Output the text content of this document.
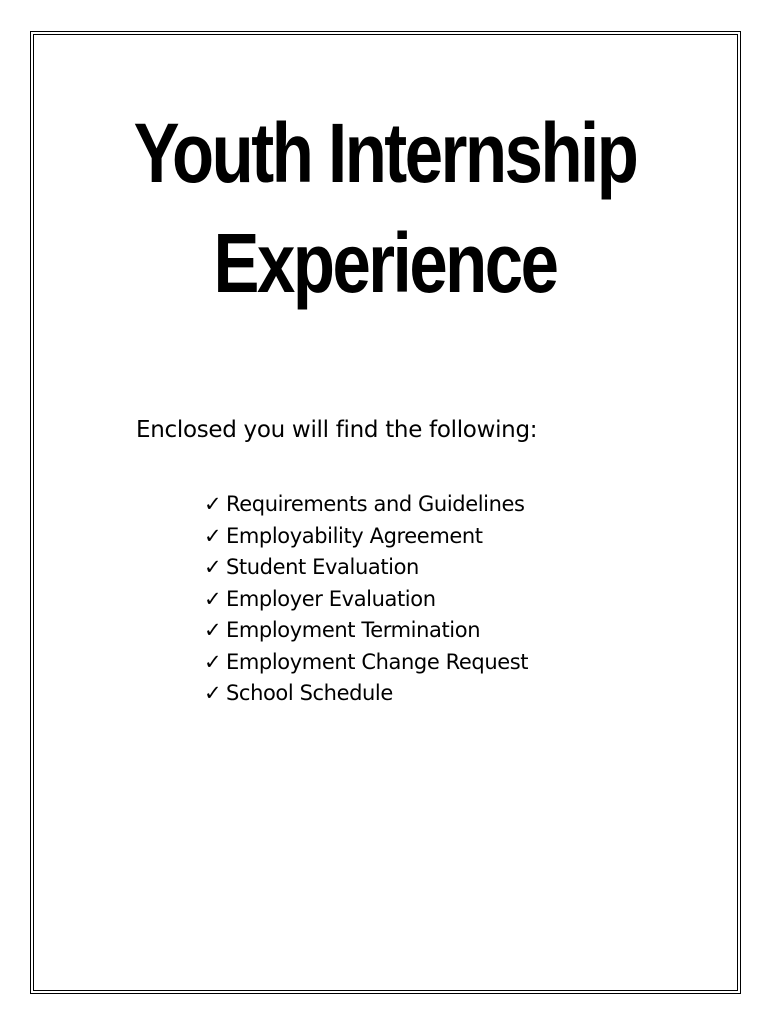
Youth Internship
Experience

Enclosed you will find the following:

✓ Requirements and Guidelines
✓ Employability Agreement
✓ Student Evaluation
✓ Employer Evaluation
✓ Employment Termination
✓ Employment Change Request
✓ School Schedule
